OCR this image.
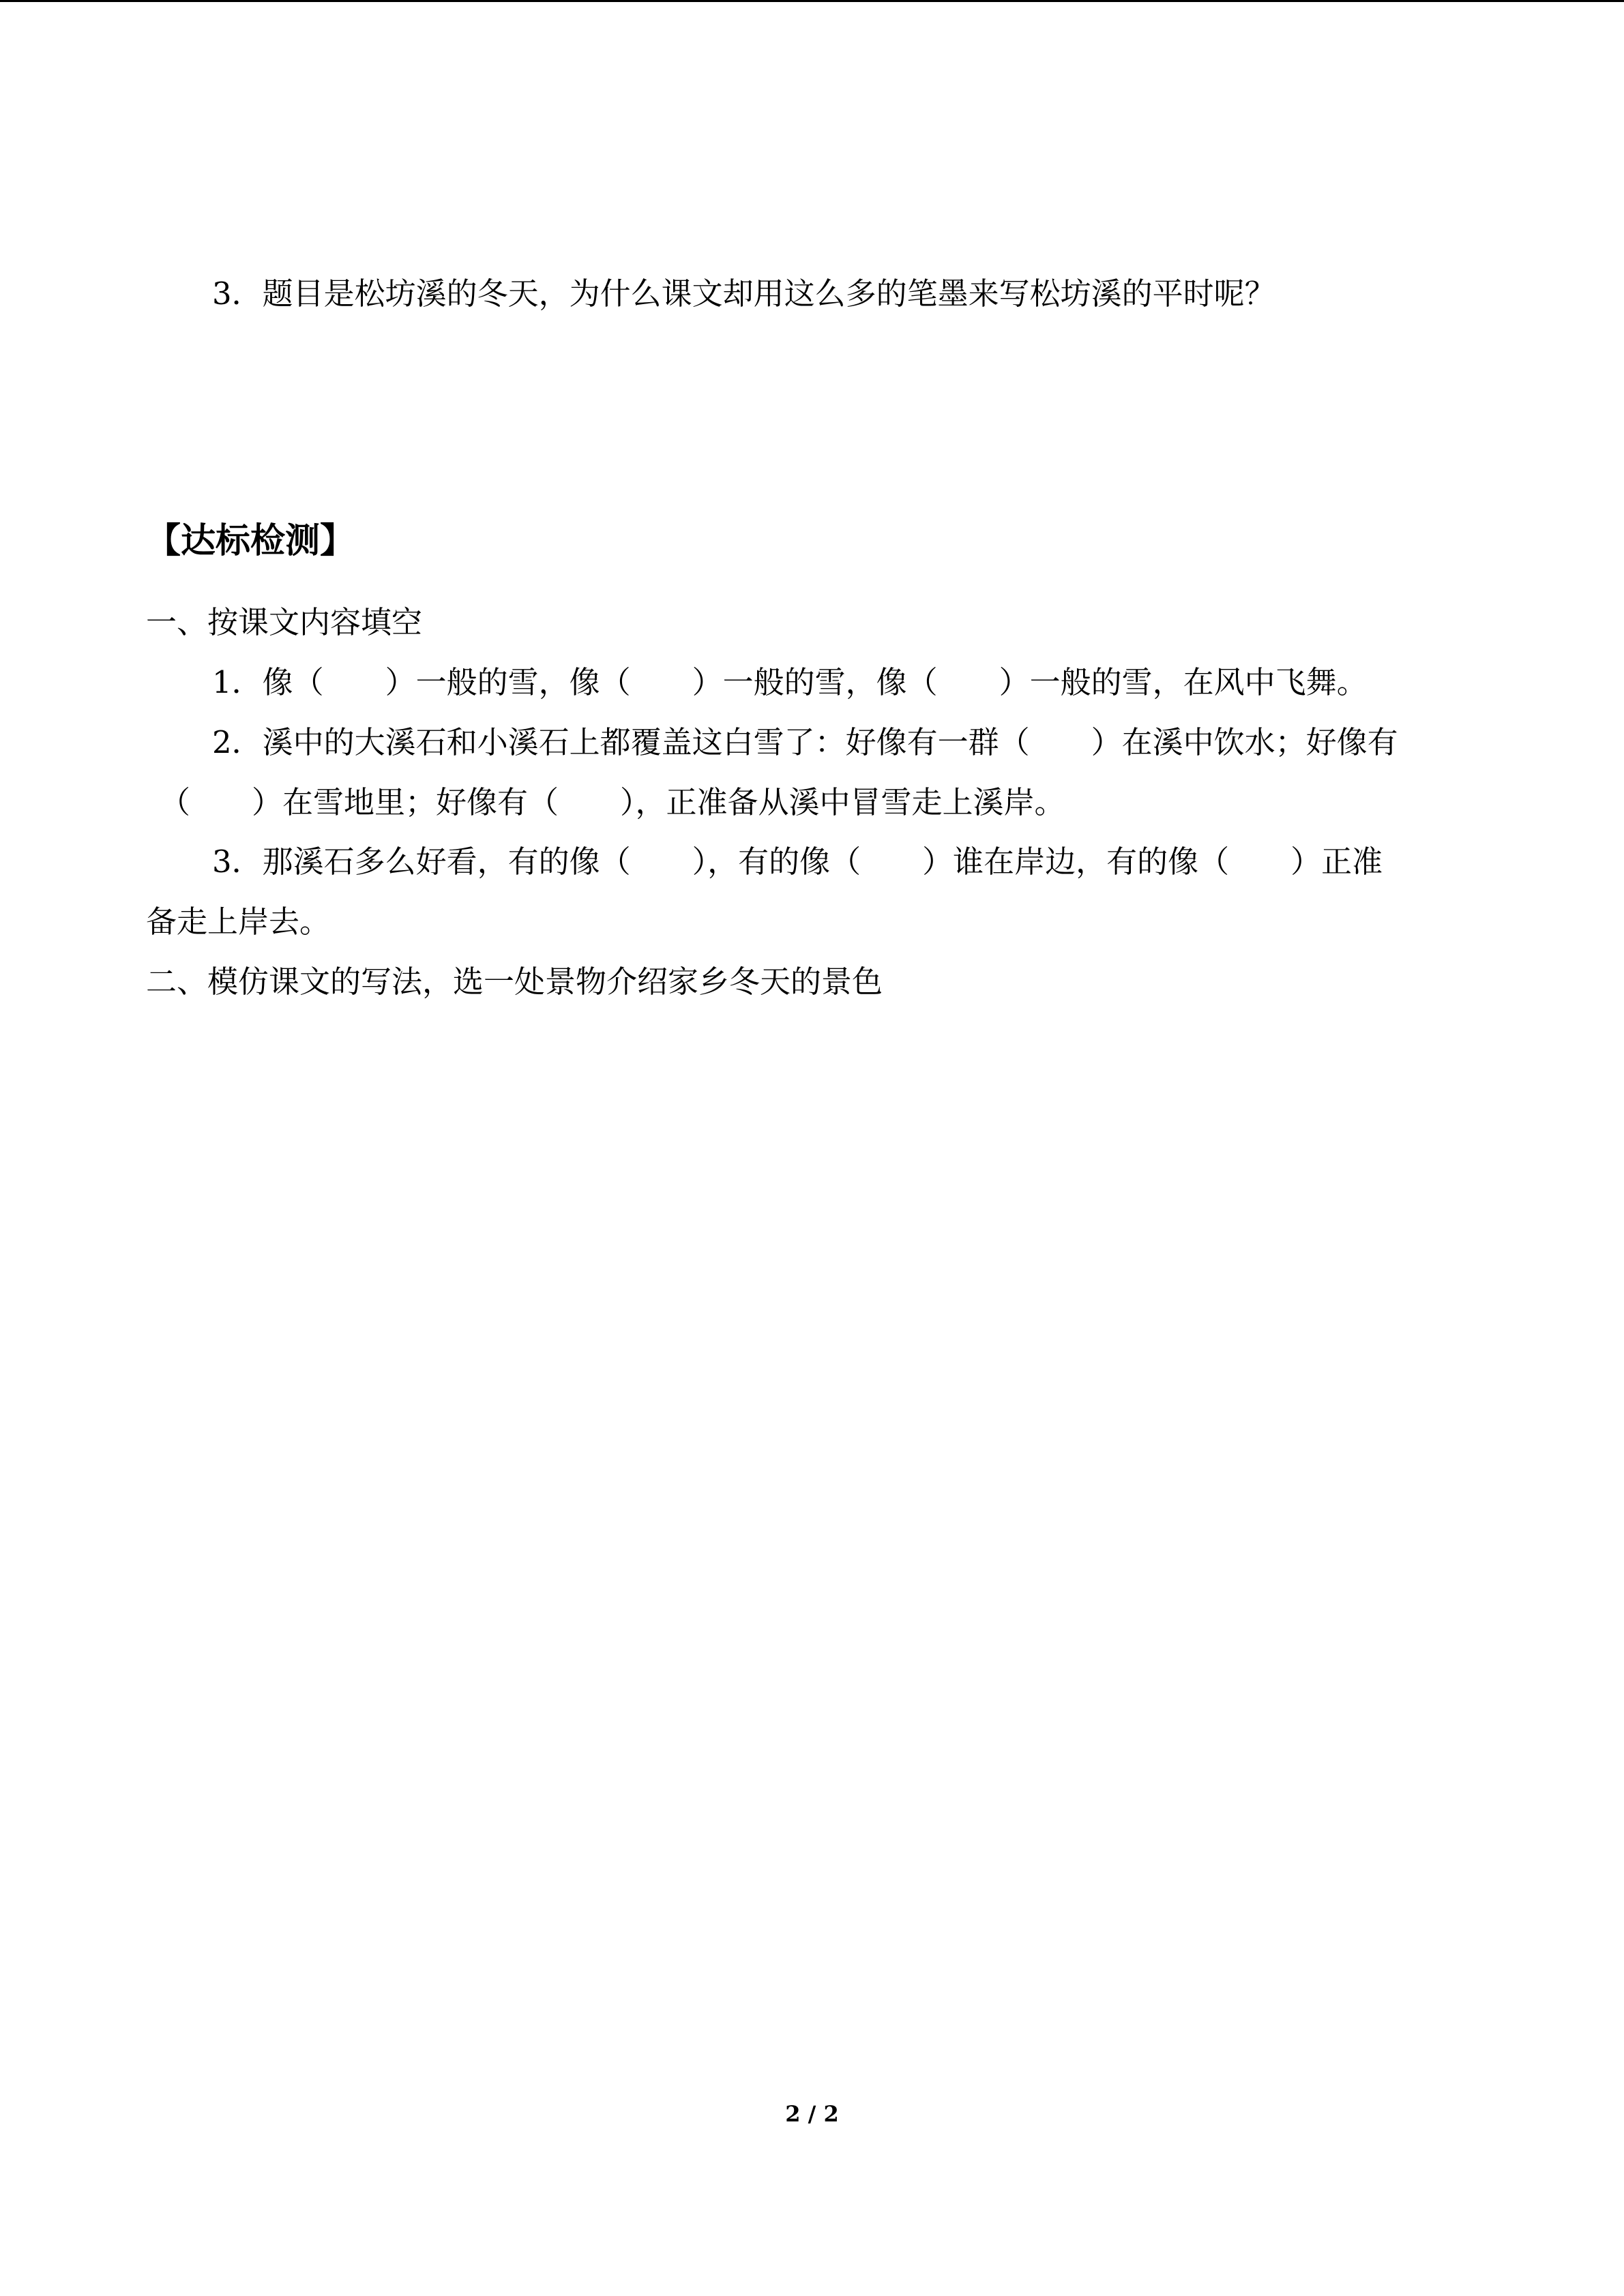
3．题目是松坊溪的冬天，为什么课文却用这么多的笔墨来写松坊溪的平时呢？

【达标检测】

一、按课文内容填空

1．像（　　）一般的雪，像（　　）一般的雪，像（　　）一般的雪，在风中飞舞。

2．溪中的大溪石和小溪石上都覆盖这白雪了：好像有一群（　　）在溪中饮水；好像有

（　　）在雪地里；好像有（　　），正准备从溪中冒雪走上溪岸。

3．那溪石多么好看，有的像（　　），有的像（　　）谁在岸边，有的像（　　）正准

备走上岸去。

二、模仿课文的写法，选一处景物介绍家乡冬天的景色

2 / 2
